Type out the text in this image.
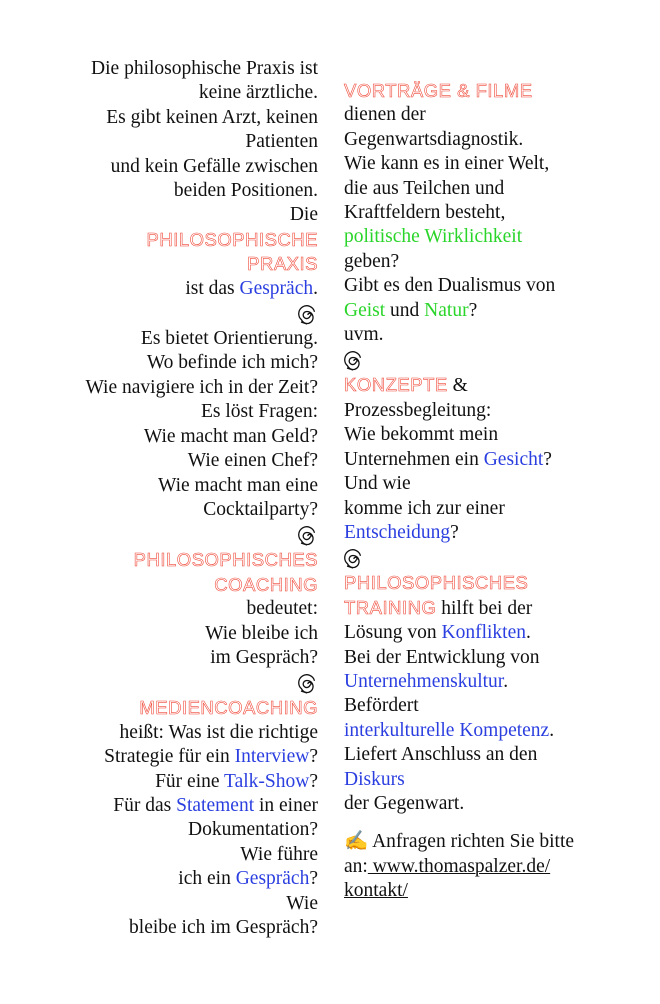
Die philosophische Praxis ist
keine ärztliche.
Es gibt keinen Arzt, keinen
Patienten
und kein Gefälle zwischen
beiden Positionen.
Die
PHILOSOPHISCHE
PRAXIS
ist das Gespräch.
Es bietet Orientierung.
Wo befinde ich mich?
Wie navigiere ich in der Zeit?
Es löst Fragen:
Wie macht man Geld?
Wie einen Chef?
Wie macht man eine
Cocktailparty?
PHILOSOPHISCHES
COACHING
bedeutet:
Wie bleibe ich
im Gespräch?
MEDIENCOACHING
heißt: Was ist die richtige
Strategie für ein Interview?
Für eine Talk-Show?
Für das Statement in einer
Dokumentation?
Wie führe
ich ein Gespräch?
Wie
bleibe ich im Gespräch?
VORTRÄGE & FILME
dienen der
Gegenwartsdiagnostik.
Wie kann es in einer Welt,
die aus Teilchen und
Kraftfeldern besteht,
politische Wirklichkeit
geben?
Gibt es den Dualismus von
Geist und Natur?
uvm.
KONZEPTE &
Prozessbegleitung:
Wie bekommt mein
Unternehmen ein Gesicht?
Und wie
komme ich zur einer
Entscheidung?
PHILOSOPHISCHES
TRAINING hilft bei der
Lösung von Konflikten.
Bei der Entwicklung von
Unternehmenskultur.
Befördert
interkulturelle Kompetenz.
Liefert Anschluss an den
Diskurs
der Gegenwart.
✍ Anfragen richten Sie bitte
an: www.thomaspalzer.de/
kontakt/
